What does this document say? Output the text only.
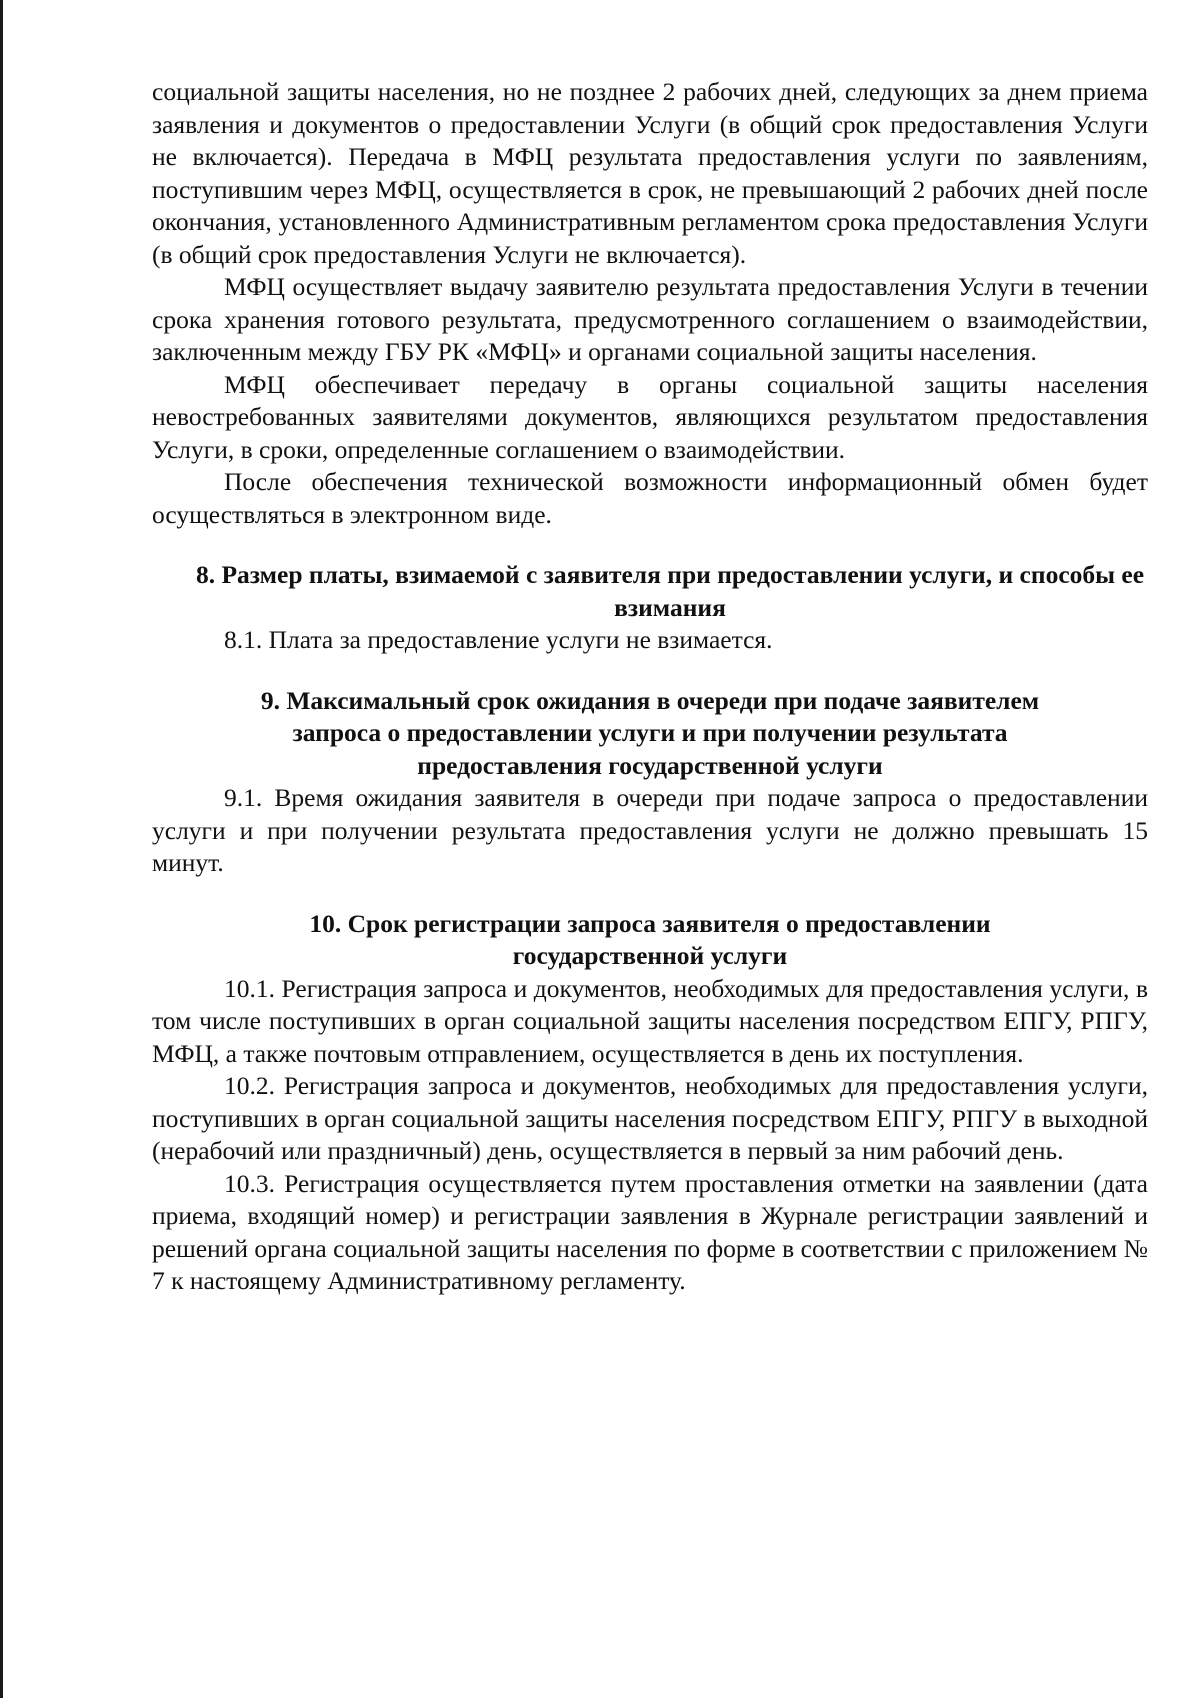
социальной защиты населения, но не позднее 2 рабочих дней, следующих за днем приема заявления и документов о предоставлении Услуги (в общий срок предоставления Услуги не включается). Передача в МФЦ результата предоставления услуги по заявлениям, поступившим через МФЦ, осуществляется в срок, не превышающий 2 рабочих дней после окончания, установленного Административным регламентом срока предоставления Услуги (в общий срок предоставления Услуги не включается).

МФЦ осуществляет выдачу заявителю результата предоставления Услуги в течении срока хранения готового результата, предусмотренного соглашением о взаимодействии, заключенным между ГБУ РК «МФЦ» и органами социальной защиты населения.

МФЦ обеспечивает передачу в органы социальной защиты населения невостребованных заявителями документов, являющихся результатом предоставления Услуги, в сроки, определенные соглашением о взаимодействии.

После обеспечения технической возможности информационный обмен будет осуществляться в электронном виде.

8. Размер платы, взимаемой с заявителя при предоставлении услуги, и способы ее взимания

8.1. Плата за предоставление услуги не взимается.

9. Максимальный срок ожидания в очереди при подаче заявителем запроса о предоставлении услуги и при получении результата предоставления государственной услуги

9.1. Время ожидания заявителя в очереди при подаче запроса о предоставлении услуги и при получении результата предоставления услуги не должно превышать 15 минут.

10. Срок регистрации запроса заявителя о предоставлении государственной услуги

10.1. Регистрация запроса и документов, необходимых для предоставления услуги, в том числе поступивших в орган социальной защиты населения посредством ЕПГУ, РПГУ, МФЦ, а также почтовым отправлением, осуществляется в день их поступления.

10.2. Регистрация запроса и документов, необходимых для предоставления услуги, поступивших в орган социальной защиты населения посредством ЕПГУ, РПГУ в выходной (нерабочий или праздничный) день, осуществляется в первый за ним рабочий день.

10.3. Регистрация осуществляется путем проставления отметки на заявлении (дата приема, входящий номер) и регистрации заявления в Журнале регистрации заявлений и решений органа социальной защиты населения по форме в соответствии с приложением № 7 к настоящему Административному регламенту.
